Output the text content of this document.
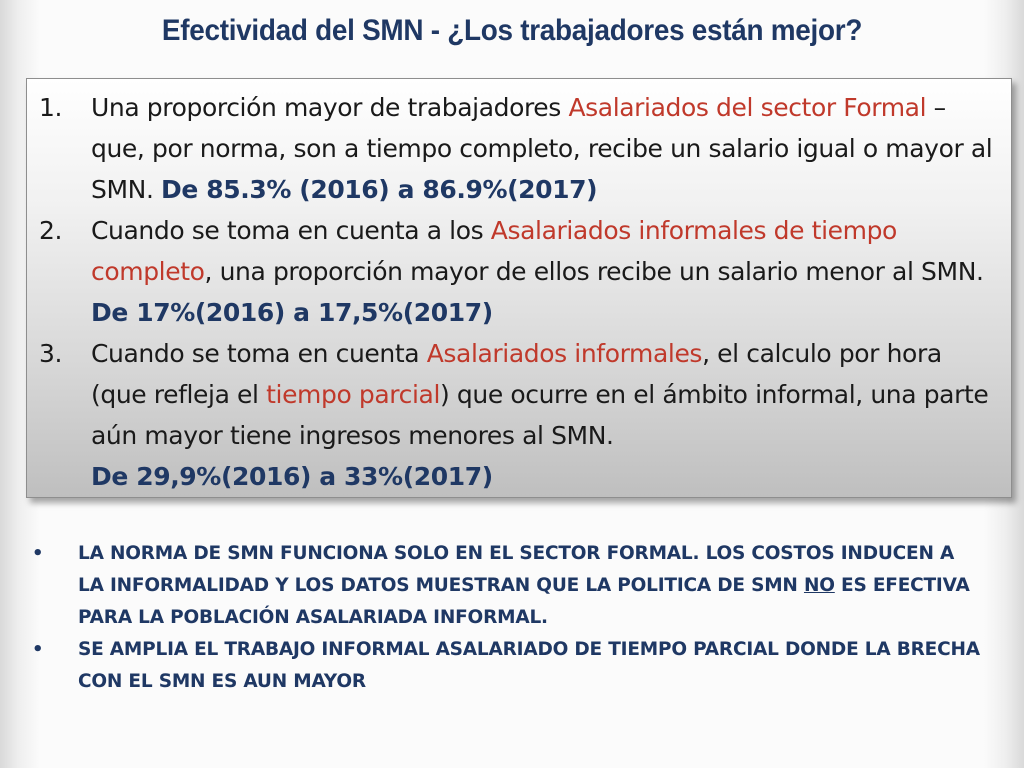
Efectividad del SMN - ¿Los trabajadores están mejor?
1. Una proporción mayor de trabajadores Asalariados del sector Formal – que, por norma, son a tiempo completo, recibe un salario igual o mayor al SMN. De 85.3% (2016) a 86.9%(2017)
2. Cuando se toma en cuenta a los Asalariados informales de tiempo completo, una proporción mayor de ellos recibe un salario menor al SMN. De 17%(2016) a 17,5%(2017)
3. Cuando se toma en cuenta Asalariados informales, el calculo por hora (que refleja el tiempo parcial) que ocurre en el ámbito informal, una parte aún mayor tiene ingresos menores al SMN.
De 29,9%(2016) a 33%(2017)
• LA NORMA DE SMN FUNCIONA SOLO EN EL SECTOR FORMAL. LOS COSTOS INDUCEN A LA INFORMALIDAD Y LOS DATOS MUESTRAN QUE LA POLITICA DE SMN NO ES EFECTIVA PARA LA POBLACIÓN ASALARIADA INFORMAL.
• SE AMPLIA EL TRABAJO INFORMAL ASALARIADO DE TIEMPO PARCIAL DONDE LA BRECHA CON EL SMN ES AUN MAYOR
